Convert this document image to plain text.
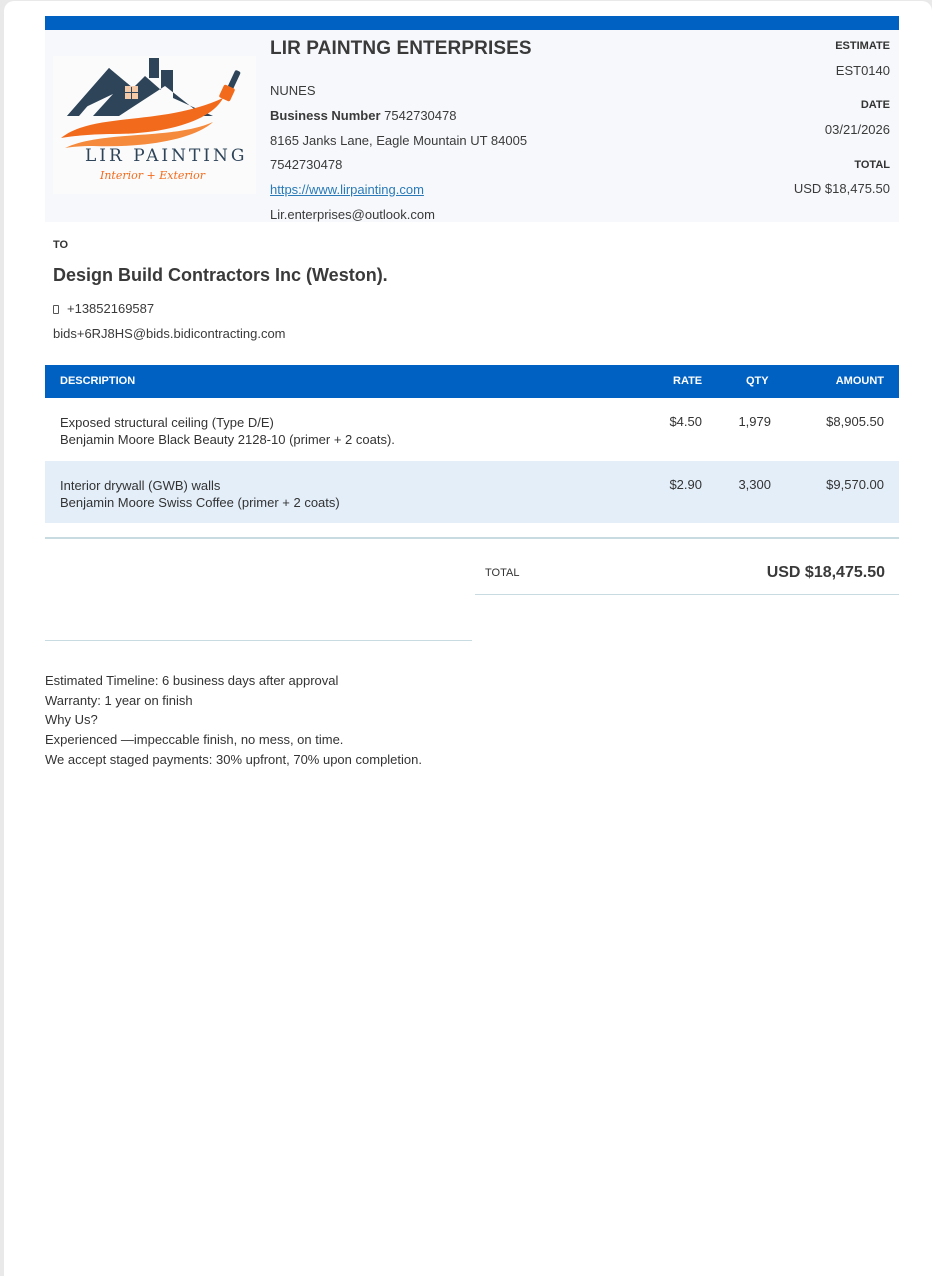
LIR PAINTING
Interior + Exterior
LIR PAINTNG ENTERPRISES
NUNES
Business Number 7542730478
8165 Janks Lane, Eagle Mountain UT 84005
7542730478
https://www.lirpainting.com
Lir.enterprises@outlook.com
ESTIMATE
EST0140
DATE
03/21/2026
TOTAL
USD $18,475.50
TO
Design Build Contractors Inc (Weston).
+13852169587
bids+6RJ8HS@bids.bidicontracting.com
DESCRIPTION	RATE	QTY	AMOUNT
Exposed structural ceiling (Type D/E)
Benjamin Moore Black Beauty 2128-10 (primer + 2 coats).
$4.50	1,979	$8,905.50
Interior drywall (GWB) walls
Benjamin Moore Swiss Coffee (primer + 2 coats)
$2.90	3,300	$9,570.00
TOTAL	USD $18,475.50
Estimated Timeline: 6 business days after approval
Warranty: 1 year on finish
Why Us?
Experienced —impeccable finish, no mess, on time.
We accept staged payments: 30% upfront, 70% upon completion.
